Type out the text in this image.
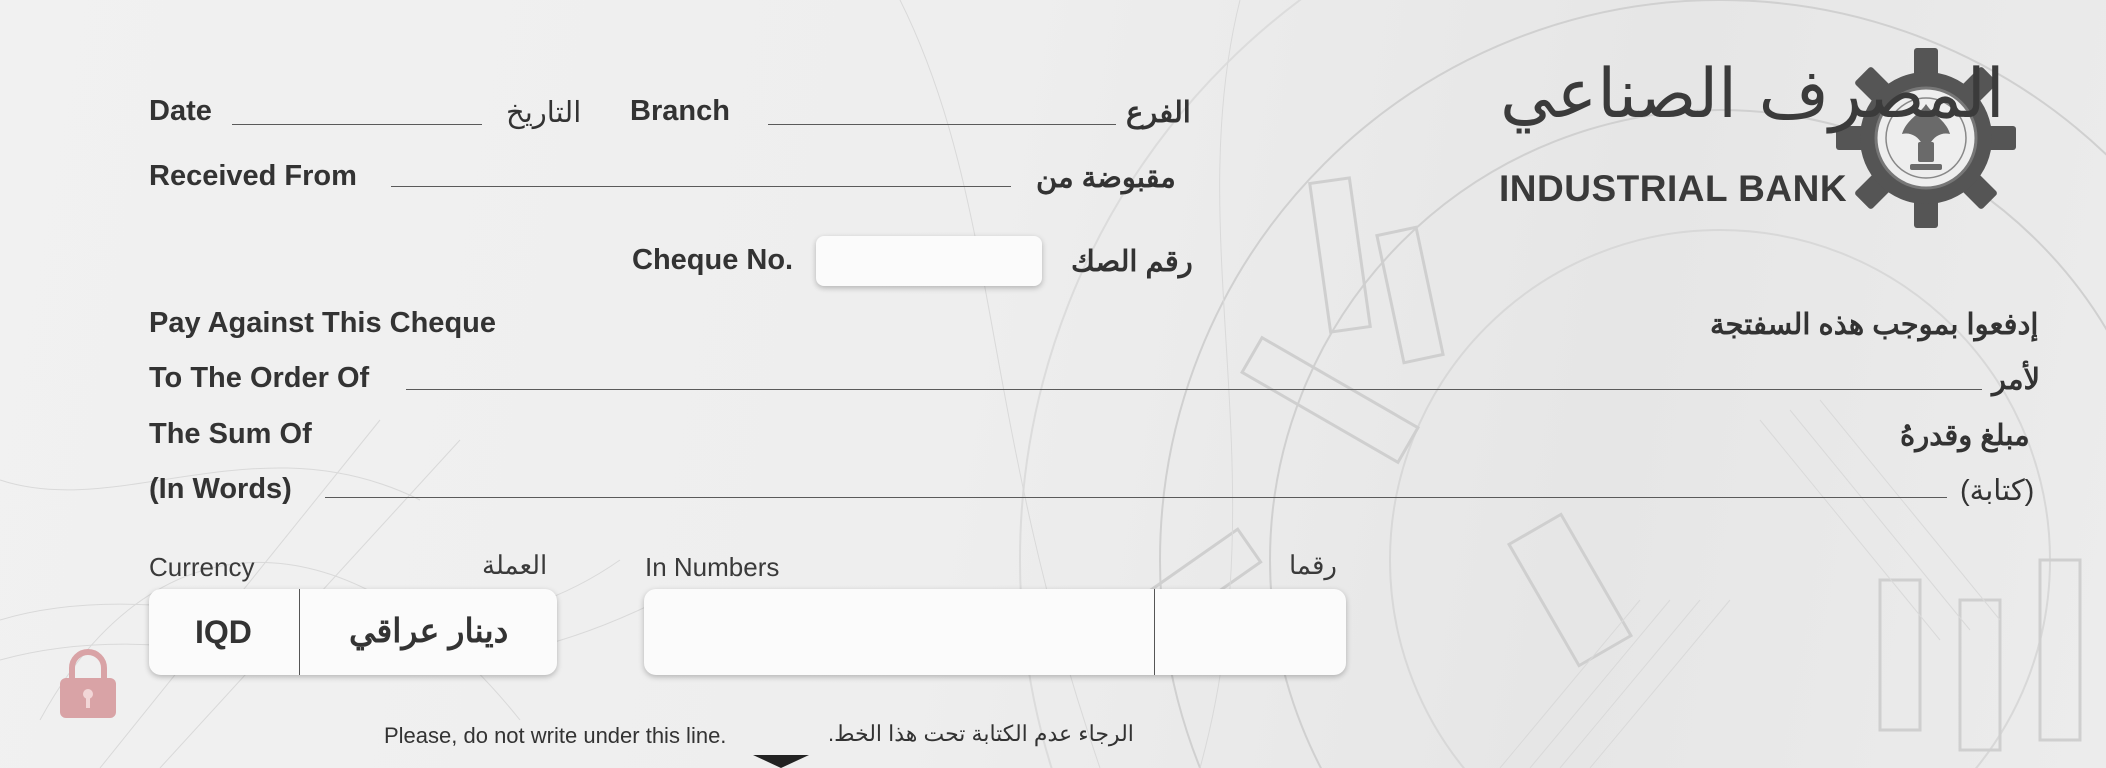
المصرف الصناعي
INDUSTRIAL BANK
Date	التاريخ Branch	الفرع
Received From	مقبوضة من
Cheque No.	رقم الصك
Pay Against This Cheque	إدفعوا بموجب هذه السفتجة
To The Order Of	لأمر
The Sum Of	مبلغ وقدرهُ
(In Words)	(كتابة)
Currency	العملة
IQD	دينار عراقي
In Numbers	رقما
Please, do not write under this line.	الرجاء عدم الكتابة تحت هذا الخط.
